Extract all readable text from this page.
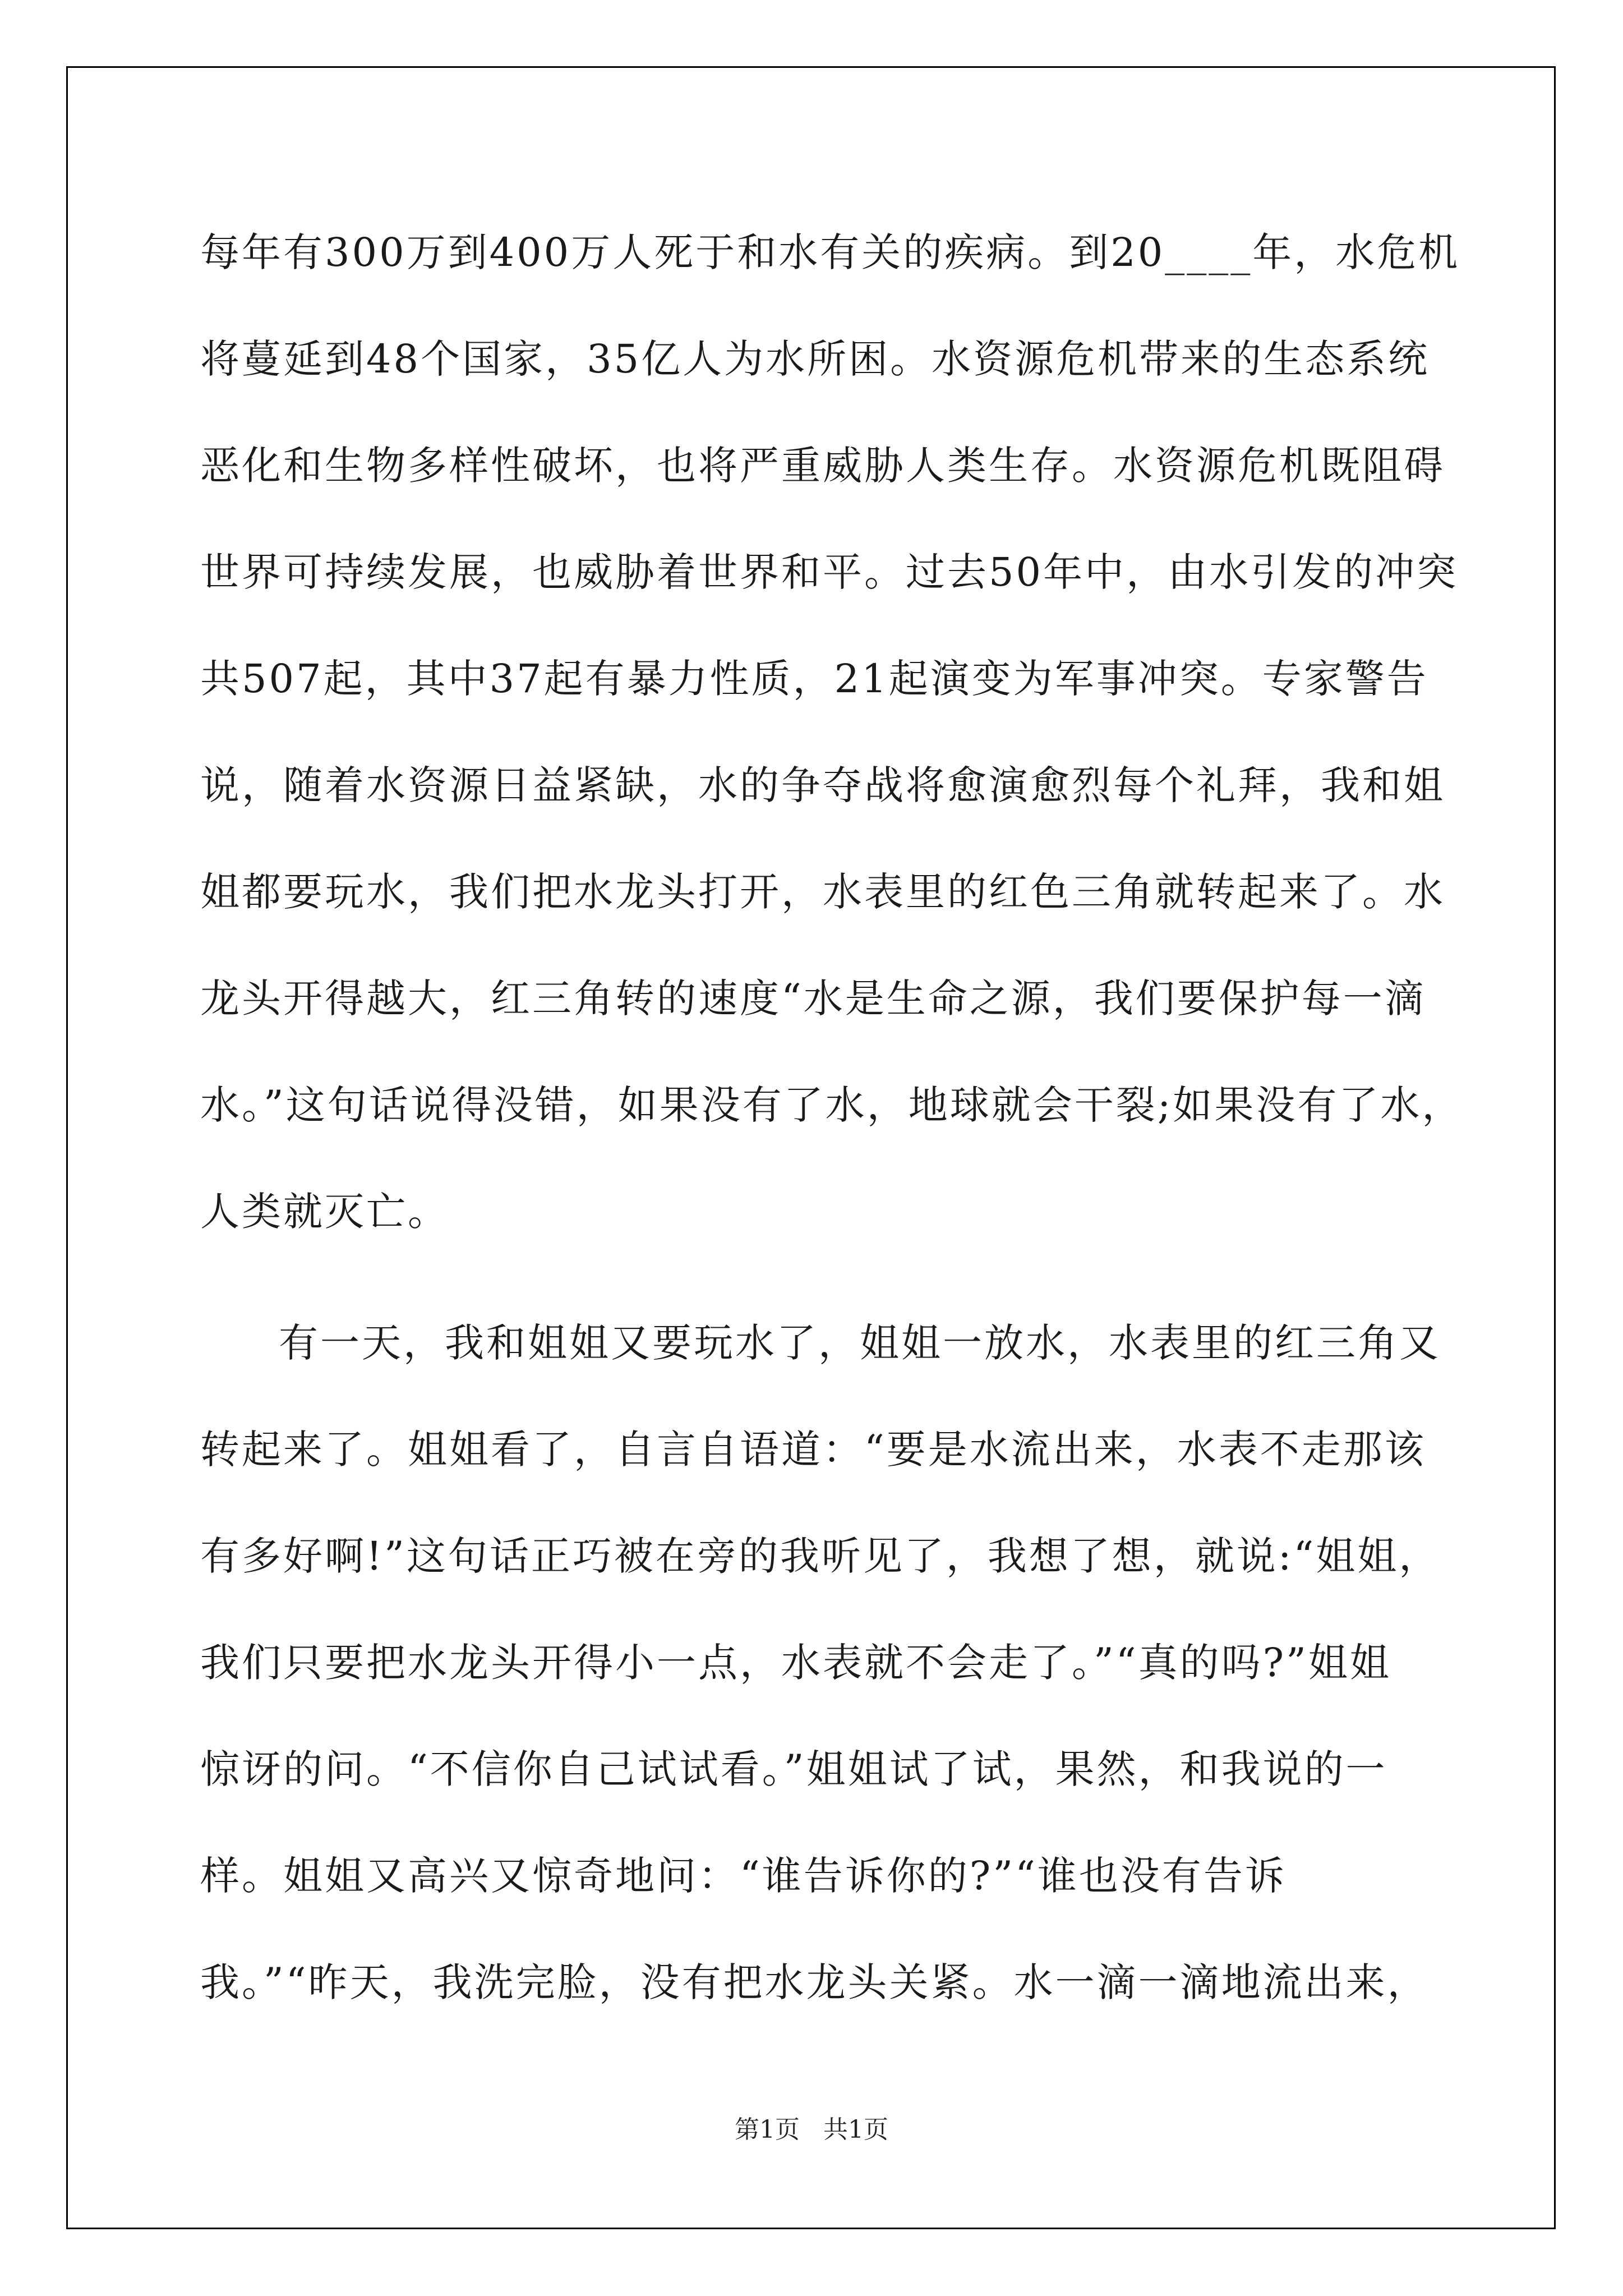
每年有300万到400万人死于和水有关的疾病。到20____年，水危机
将蔓延到48个国家，35亿人为水所困。水资源危机带来的生态系统
恶化和生物多样性破坏，也将严重威胁人类生存。水资源危机既阻碍
世界可持续发展，也威胁着世界和平。过去50年中，由水引发的冲突
共507起，其中37起有暴力性质，21起演变为军事冲突。专家警告
说，随着水资源日益紧缺，水的争夺战将愈演愈烈每个礼拜，我和姐
姐都要玩水，我们把水龙头打开，水表里的红色三角就转起来了。水
龙头开得越大，红三角转的速度“水是生命之源，我们要保护每一滴
水。”这句话说得没错，如果没有了水，地球就会干裂;如果没有了水，
人类就灭亡。
有一天，我和姐姐又要玩水了，姐姐一放水，水表里的红三角又
转起来了。姐姐看了，自言自语道：“要是水流出来，水表不走那该
有多好啊!”这句话正巧被在旁的我听见了，我想了想，就说:“姐姐，
我们只要把水龙头开得小一点，水表就不会走了。”“真的吗?”姐姐
惊讶的问。“不信你自己试试看。”姐姐试了试，果然，和我说的一
样。姐姐又高兴又惊奇地问：“谁告诉你的?”“谁也没有告诉
我。”“昨天，我洗完脸，没有把水龙头关紧。水一滴一滴地流出来，
第1页   共1页
